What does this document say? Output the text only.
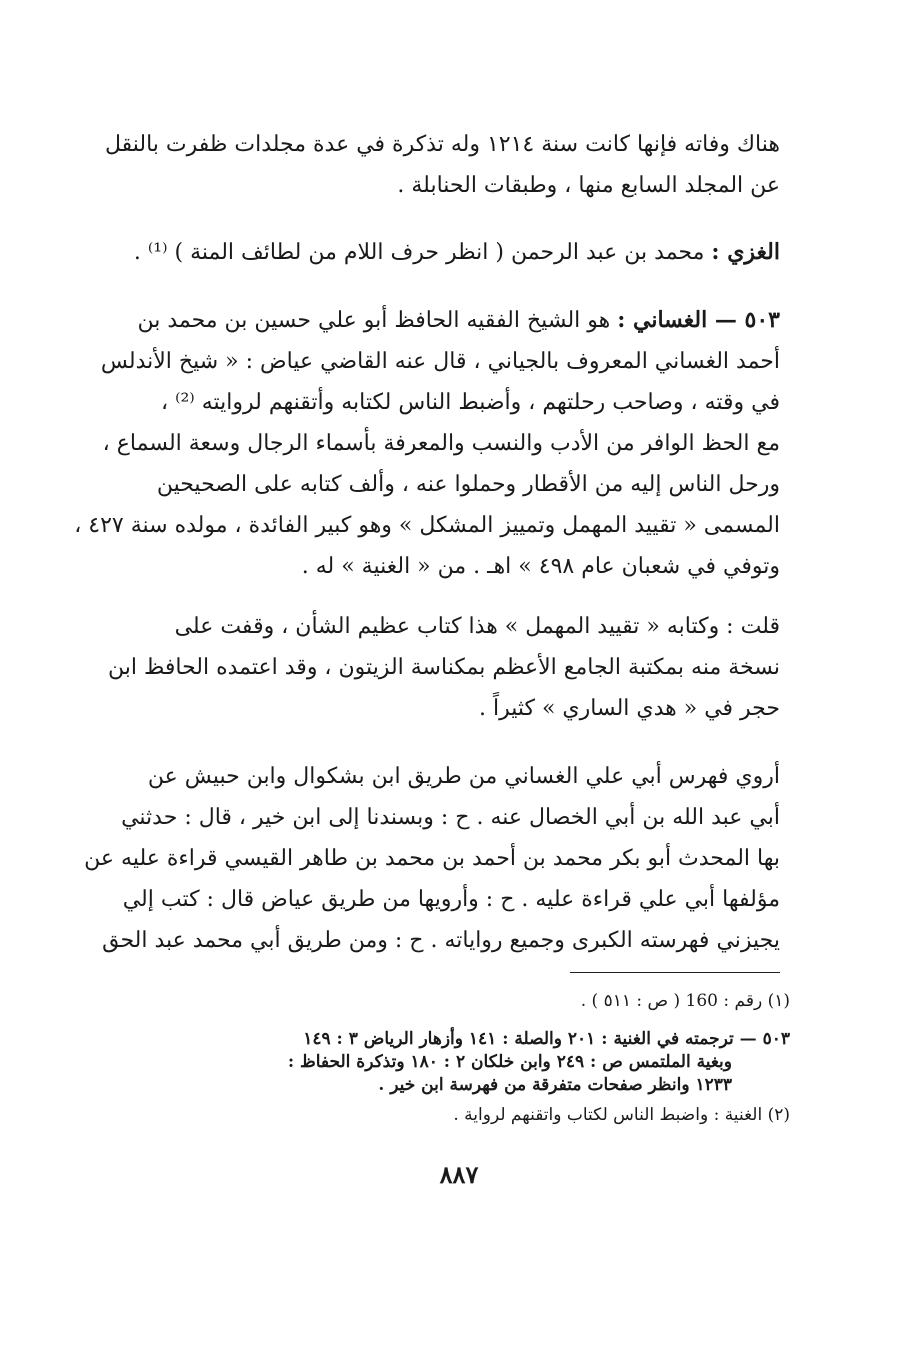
هناك وفاته فإنها كانت سنة ١٢١٤ وله تذكرة في عدة مجلدات ظفرت بالنقل
عن المجلد السابع منها ، وطبقات الحنابلة .

الغزي : محمد بن عبد الرحمن ( انظر حرف اللام من لطائف المنة ) ⁽¹⁾ .

٥٠٣ — الغساني : هو الشيخ الفقيه الحافظ أبو علي حسين بن محمد بن
أحمد الغساني المعروف بالجياني ، قال عنه القاضي عياض : « شيخ الأندلس
في وقته ، وصاحب رحلتهم ، وأضبط الناس لكتابه وأتقنهم لروايته ⁽²⁾ ،
مع الحظ الوافر من الأدب والنسب والمعرفة بأسماء الرجال وسعة السماع ،
ورحل الناس إليه من الأقطار وحملوا عنه ، وألف كتابه على الصحيحين
المسمى « تقييد المهمل وتمييز المشكل » وهو كبير الفائدة ، مولده سنة ٤٢٧ ،
وتوفي في شعبان عام ٤٩٨ » اهـ . من « الغنية » له .

قلت : وكتابه « تقييد المهمل » هذا كتاب عظيم الشأن ، وقفت على
نسخة منه بمكتبة الجامع الأعظم بمكناسة الزيتون ، وقد اعتمده الحافظ ابن
حجر في « هدي الساري » كثيراً .

أروي فهرس أبي علي الغساني من طريق ابن بشكوال وابن حبيش عن
أبي عبد الله بن أبي الخصال عنه . ح : وبسندنا إلى ابن خير ، قال : حدثني
بها المحدث أبو بكر محمد بن أحمد بن محمد بن طاهر القيسي قراءة عليه عن
مؤلفها أبي علي قراءة عليه . ح : وأرويها من طريق عياض قال : كتب إلي
يجيزني فهرسته الكبرى وجميع رواياته . ح : ومن طريق أبي محمد عبد الحق

(١) رقم : 160 ( ص : ٥١١ ) .

٥٠٣ — ترجمته في الغنية : ٢٠١ والصلة : ١٤١ وأزهار الرياض ٣ : ١٤٩
وبغية الملتمس ص : ٢٤٩ وابن خلكان ٢ : ١٨٠ وتذكرة الحفاظ :
١٢٣٣ وانظر صفحات متفرقة من فهرسة ابن خير .

(٢) الغنية : واضبط الناس لكتاب واتقنهم لرواية .

٨٨٧
